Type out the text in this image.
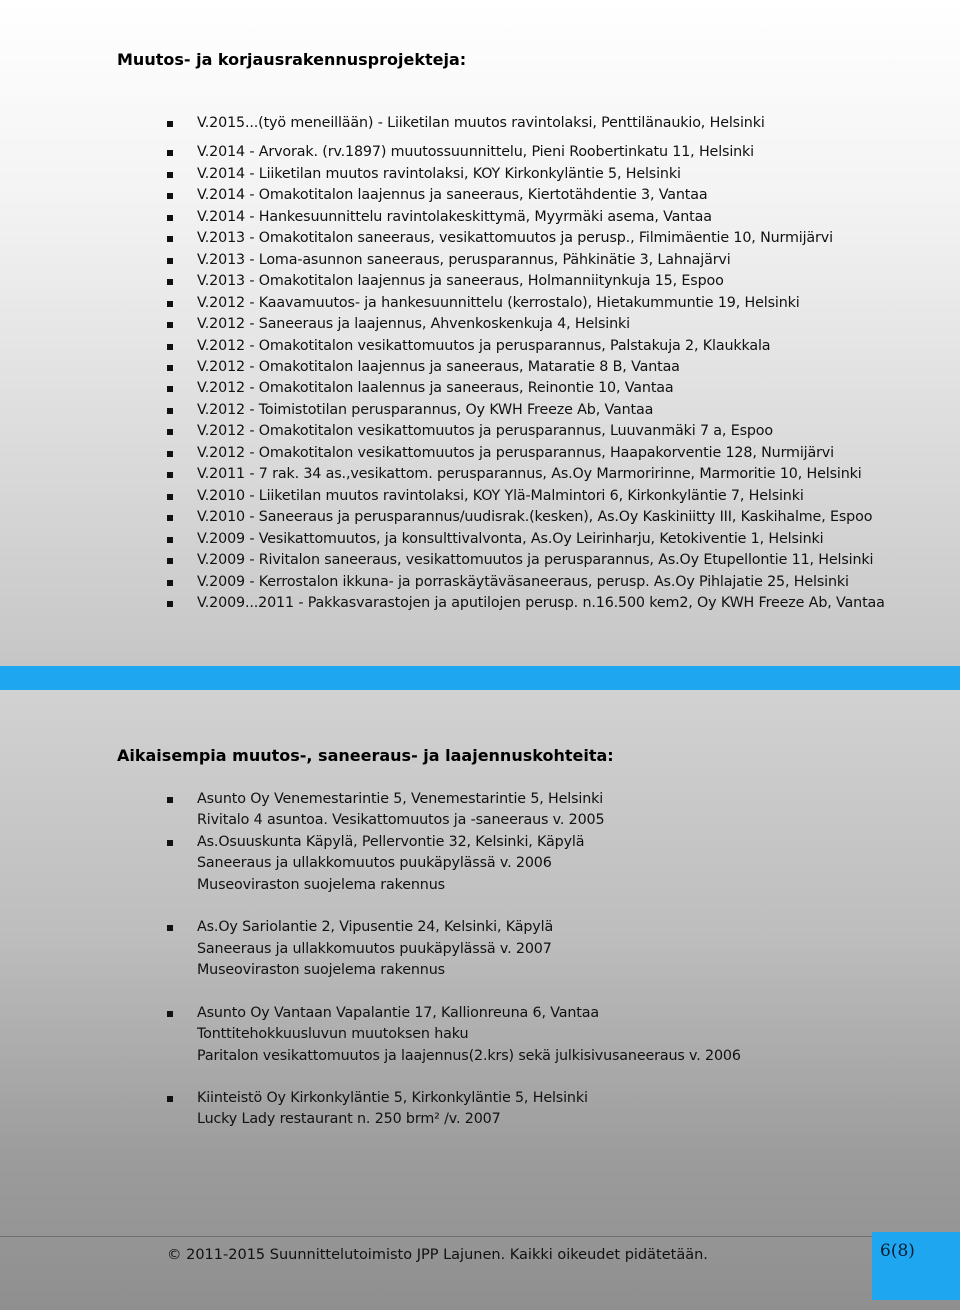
Muutos- ja korjausrakennusprojekteja:
V.2015...(työ meneillään) - Liiketilan muutos ravintolaksi, Penttilänaukio, Helsinki
V.2014 - Arvorak. (rv.1897) muutossuunnittelu, Pieni Roobertinkatu 11, Helsinki
V.2014 - Liiketilan muutos ravintolaksi, KOY Kirkonkyläntie 5, Helsinki
V.2014 - Omakotitalon laajennus ja saneeraus, Kiertotähdentie 3, Vantaa
V.2014 - Hankesuunnittelu ravintolakeskittymä, Myyrmäki asema, Vantaa
V.2013 - Omakotitalon saneeraus, vesikattomuutos ja perusp., Filmimäentie 10, Nurmijärvi
V.2013 - Loma-asunnon saneeraus, perusparannus, Pähkinätie 3, Lahnajärvi
V.2013 - Omakotitalon laajennus ja saneeraus, Holmanniitynkuja 15, Espoo
V.2012 - Kaavamuutos- ja hankesuunnittelu (kerrostalo), Hietakummuntie 19, Helsinki
V.2012 - Saneeraus ja laajennus, Ahvenkoskenkuja 4, Helsinki
V.2012 - Omakotitalon vesikattomuutos ja perusparannus, Palstakuja 2, Klaukkala
V.2012 - Omakotitalon laajennus ja saneeraus, Mataratie 8 B, Vantaa
V.2012 - Omakotitalon laalennus ja saneeraus, Reinontie 10, Vantaa
V.2012 - Toimistotilan perusparannus, Oy KWH Freeze Ab, Vantaa
V.2012 - Omakotitalon vesikattomuutos ja perusparannus, Luuvanmäki 7 a, Espoo
V.2012 - Omakotitalon vesikattomuutos ja perusparannus, Haapakorventie 128, Nurmijärvi
V.2011 - 7 rak. 34 as.,vesikattom. perusparannus, As.Oy Marmoririnne, Marmoritie 10, Helsinki
V.2010 - Liiketilan muutos ravintolaksi, KOY Ylä-Malmintori 6, Kirkonkyläntie 7, Helsinki
V.2010 - Saneeraus ja perusparannus/uudisrak.(kesken), As.Oy Kaskiniitty III, Kaskihalme, Espoo
V.2009 - Vesikattomuutos, ja konsulttivalvonta, As.Oy Leirinharju, Ketokiventie 1, Helsinki
V.2009 - Rivitalon saneeraus, vesikattomuutos ja perusparannus, As.Oy Etupellontie 11, Helsinki
V.2009 - Kerrostalon ikkuna- ja porraskäytäväsaneeraus, perusp. As.Oy Pihlajatie 25, Helsinki
V.2009...2011 - Pakkasvarastojen ja aputilojen perusp. n.16.500 kem2, Oy KWH Freeze Ab, Vantaa
Aikaisempia muutos-, saneeraus- ja laajennuskohteita:
Asunto Oy Venemestarintie 5, Venemestarintie 5, Helsinki
Rivitalo 4 asuntoa. Vesikattomuutos ja -saneeraus v. 2005
As.Osuuskunta Käpylä, Pellervontie 32, Kelsinki, Käpylä
Saneeraus ja ullakkomuutos puukäpylässä v. 2006
Museoviraston suojelema rakennus
As.Oy Sariolantie 2, Vipusentie 24, Kelsinki, Käpylä
Saneeraus ja ullakkomuutos puukäpylässä v. 2007
Museoviraston suojelema rakennus
Asunto Oy Vantaan Vapalantie 17, Kallionreuna 6, Vantaa
Tonttitehokkuusluvun muutoksen haku
Paritalon vesikattomuutos ja laajennus(2.krs) sekä julkisivusaneeraus v. 2006
Kiinteistö Oy Kirkonkyläntie 5, Kirkonkyläntie 5, Helsinki
Lucky Lady restaurant n. 250 brm² /v. 2007
© 2011-2015 Suunnittelutoimisto JPP Lajunen. Kaikki oikeudet pidätetään.	6(8)
